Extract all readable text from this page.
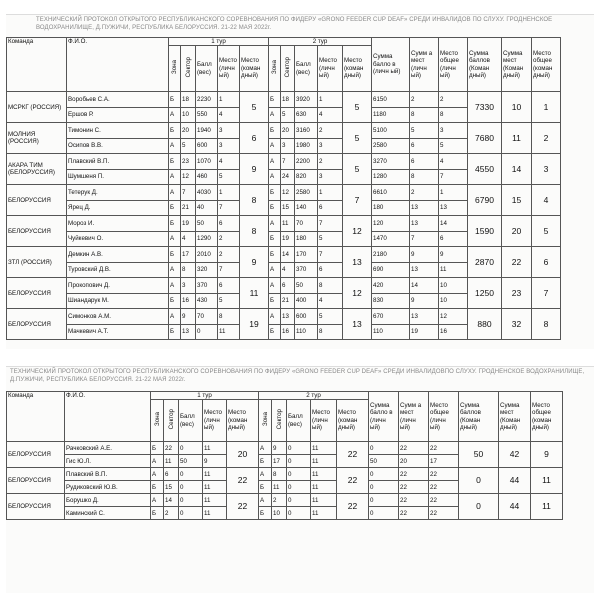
ТЕХНИЧЕСКИЙ ПРОТОКОЛ ОТКРЫТОГО РЕСПУБЛИКАНСКОГО СОРЕВНОВАНИЯ ПО ФИДЕРУ «GRONO FEEDER CUP DEAF» СРЕДИ ИНВАЛИДОВ ПО СЛУХУ. ГРОДНЕНСКОЕ ВОДОХРАНИЛИЩЕ, Д.ПУЖИЧИ, РЕСПУБЛИКА БЕЛОРУССИЯ. 21-22 МАЯ 2022г.
Команда	Ф.И.О.	1 тур					2 тур					Сумма балло в (личн ый)	Сумм а мест (личн ый)	Место общее (личн ый)	Сумма баллов (Коман дный)	Сумма мест (Коман дный)	Место общее (коман дный)
		Зона	Сектор	Балл (вес)	Место (личн ый)	Место (коман дный)	Зона	Сектор	Балл (вес)	Место (личн ый)	Место (коман дный)						
МСРКГ (РОССИЯ)	Воробьев С.А.	Б	18	2230	1	5	Б	18	3920	1	5	6150	2	2	7330	10	1
	Ершов Р.	А	10	550	4		А	5	630	4		1180	8	8			
МОЛНИЯ (РОССИЯ)	Тимонин С.	Б	20	1940	3	6	Б	20	3160	2	5	5100	5	3	7680	11	2
	Осипов В.В.	А	5	600	3		А	3	1980	3		2580	6	5			
АКАРА ТИМ (БЕЛОРУССИЯ)	Плавский В.П.	Б	23	1070	4	9	А	7	2200	2	5	3270	6	4	4550	14	3
	Шумшеня П.	А	12	460	5		А	24	820	3		1280	8	7			
БЕЛОРУССИЯ	Тетерук Д.	А	7	4030	1	8	Б	12	2580	1	7	6610	2	1	6790	15	4
	Ярец Д.	Б	21	40	7		Б	15	140	6		180	13	13			
БЕЛОРУССИЯ	Мороз И.	Б	19	50	6	8	А	11	70	7	12	120	13	14	1590	20	5
	Чуйкевич О.	А	4	1290	2		Б	19	180	5		1470	7	6			
ЗТЛ (РОССИЯ)	Демкин А.В.	Б	17	2010	2	9	Б	14	170	7	13	2180	9	9	2870	22	6
	Туровский Д.В.	А	8	320	7		А	4	370	6		690	13	11			
БЕЛОРУССИЯ	Прокопович Д.	А	3	370	6	11	А	6	50	8	12	420	14	10	1250	23	7
	Шиандарук М.	Б	16	430	5		Б	21	400	4		830	9	10			
БЕЛОРУССИЯ	Симонков А.М.	А	9	70	8	19	А	13	600	5	13	670	13	12	880	32	8
	Мачкевич А.Т.	Б	13	0	11		Б	16	110	8		110	19	16			
ТЕХНИЧЕСКИЙ ПРОТОКОЛ ОТКРЫТОГО РЕСПУБЛИКАНСКОГО СОРЕВНОВАНИЯ ПО ФИДЕРУ «GRONO FEEDER CUP DEAF» СРЕДИ ИНВАЛИДОВПО СЛУХУ. ГРОДНЕНСКОЕ ВОДОХРАНИЛИЩЕ, Д.ПУЖИЧИ, РЕСПУБЛИКА БЕЛОРУССИЯ. 21-22 МАЯ 2022г.
Команда	Ф.И.О.	1 тур					2 тур					Сумма балло в (личн ый)	Сумм а мест (личн ый)	Место общее (личн ый)	Сумма баллов (Коман дный)	Сумма мест (Коман дный)	Место общее (коман дный)
		Зона	Сектор	Балл (вес)	Место (личн ый)	Место (коман дный)	Зона	Сектор	Балл (вес)	Место (личн ый)	Место (коман дный)						
БЕЛОРУССИЯ	Рачковский А.Е.	Б	22	0	11	20	А	9	0	11	22	0	22	22	50	42	9
	Гис Ю.Л.	А	11	50	9		Б	17	0	11		50	20	17			
БЕЛОРУССИЯ	Плавский В.П.	А	6	0	11	22	А	8	0	11	22	0	22	22	0	44	11
	Рудиковский Ю.В.	Б	15	0	11		Б	11	0	11		0	22	22			
БЕЛОРУССИЯ	Борушко Д.	А	14	0	11	22	А	2	0	11	22	0	22	22	0	44	11
	Каминский С.	Б	2	0	11		Б	10	0	11		0	22	22			
